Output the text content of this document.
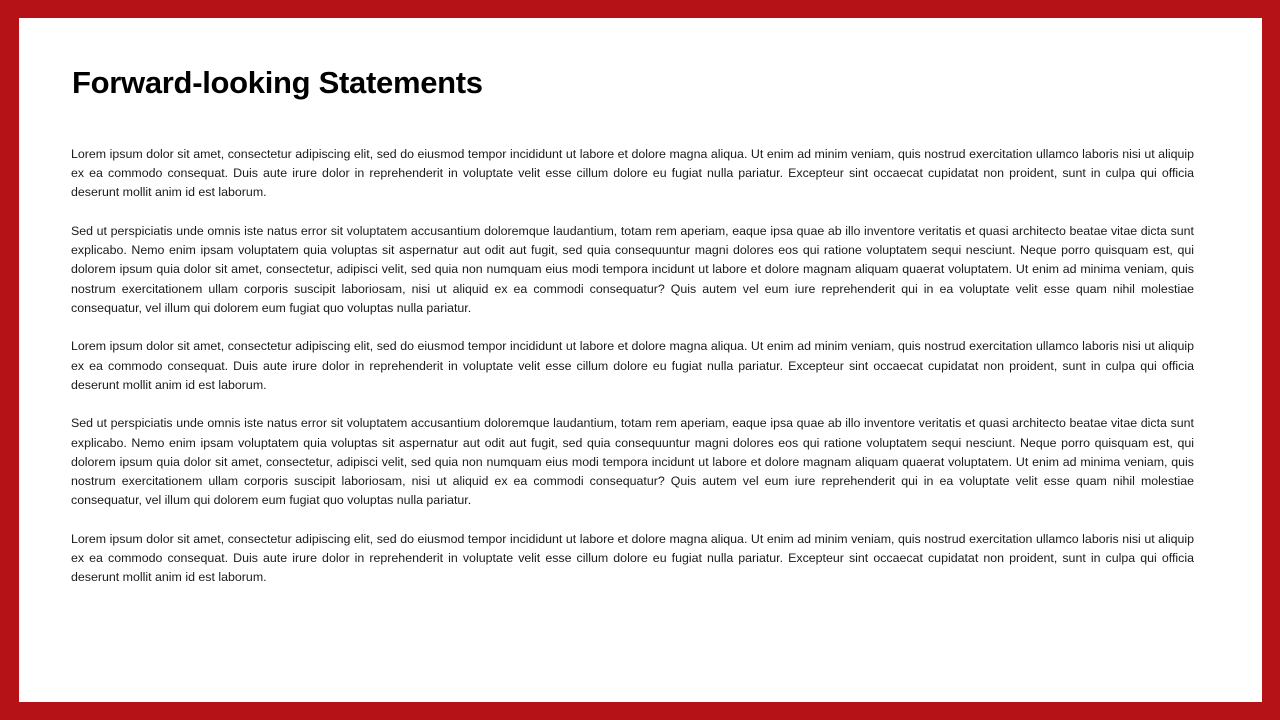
Forward-looking Statements

Lorem ipsum dolor sit amet, consectetur adipiscing elit, sed do eiusmod tempor incididunt ut labore et dolore magna aliqua. Ut enim ad minim veniam, quis nostrud exercitation ullamco laboris nisi ut aliquip ex ea commodo consequat. Duis aute irure dolor in reprehenderit in voluptate velit esse cillum dolore eu fugiat nulla pariatur. Excepteur sint occaecat cupidatat non proident, sunt in culpa qui officia deserunt mollit anim id est laborum.

Sed ut perspiciatis unde omnis iste natus error sit voluptatem accusantium doloremque laudantium, totam rem aperiam, eaque ipsa quae ab illo inventore veritatis et quasi architecto beatae vitae dicta sunt explicabo. Nemo enim ipsam voluptatem quia voluptas sit aspernatur aut odit aut fugit, sed quia consequuntur magni dolores eos qui ratione voluptatem sequi nesciunt. Neque porro quisquam est, qui dolorem ipsum quia dolor sit amet, consectetur, adipisci velit, sed quia non numquam eius modi tempora incidunt ut labore et dolore magnam aliquam quaerat voluptatem. Ut enim ad minima veniam, quis nostrum exercitationem ullam corporis suscipit laboriosam, nisi ut aliquid ex ea commodi consequatur? Quis autem vel eum iure reprehenderit qui in ea voluptate velit esse quam nihil molestiae consequatur, vel illum qui dolorem eum fugiat quo voluptas nulla pariatur.

Lorem ipsum dolor sit amet, consectetur adipiscing elit, sed do eiusmod tempor incididunt ut labore et dolore magna aliqua. Ut enim ad minim veniam, quis nostrud exercitation ullamco laboris nisi ut aliquip ex ea commodo consequat. Duis aute irure dolor in reprehenderit in voluptate velit esse cillum dolore eu fugiat nulla pariatur. Excepteur sint occaecat cupidatat non proident, sunt in culpa qui officia deserunt mollit anim id est laborum.

Sed ut perspiciatis unde omnis iste natus error sit voluptatem accusantium doloremque laudantium, totam rem aperiam, eaque ipsa quae ab illo inventore veritatis et quasi architecto beatae vitae dicta sunt explicabo. Nemo enim ipsam voluptatem quia voluptas sit aspernatur aut odit aut fugit, sed quia consequuntur magni dolores eos qui ratione voluptatem sequi nesciunt. Neque porro quisquam est, qui dolorem ipsum quia dolor sit amet, consectetur, adipisci velit, sed quia non numquam eius modi tempora incidunt ut labore et dolore magnam aliquam quaerat voluptatem. Ut enim ad minima veniam, quis nostrum exercitationem ullam corporis suscipit laboriosam, nisi ut aliquid ex ea commodi consequatur? Quis autem vel eum iure reprehenderit qui in ea voluptate velit esse quam nihil molestiae consequatur, vel illum qui dolorem eum fugiat quo voluptas nulla pariatur.

Lorem ipsum dolor sit amet, consectetur adipiscing elit, sed do eiusmod tempor incididunt ut labore et dolore magna aliqua. Ut enim ad minim veniam, quis nostrud exercitation ullamco laboris nisi ut aliquip ex ea commodo consequat. Duis aute irure dolor in reprehenderit in voluptate velit esse cillum dolore eu fugiat nulla pariatur. Excepteur sint occaecat cupidatat non proident, sunt in culpa qui officia deserunt mollit anim id est laborum.
